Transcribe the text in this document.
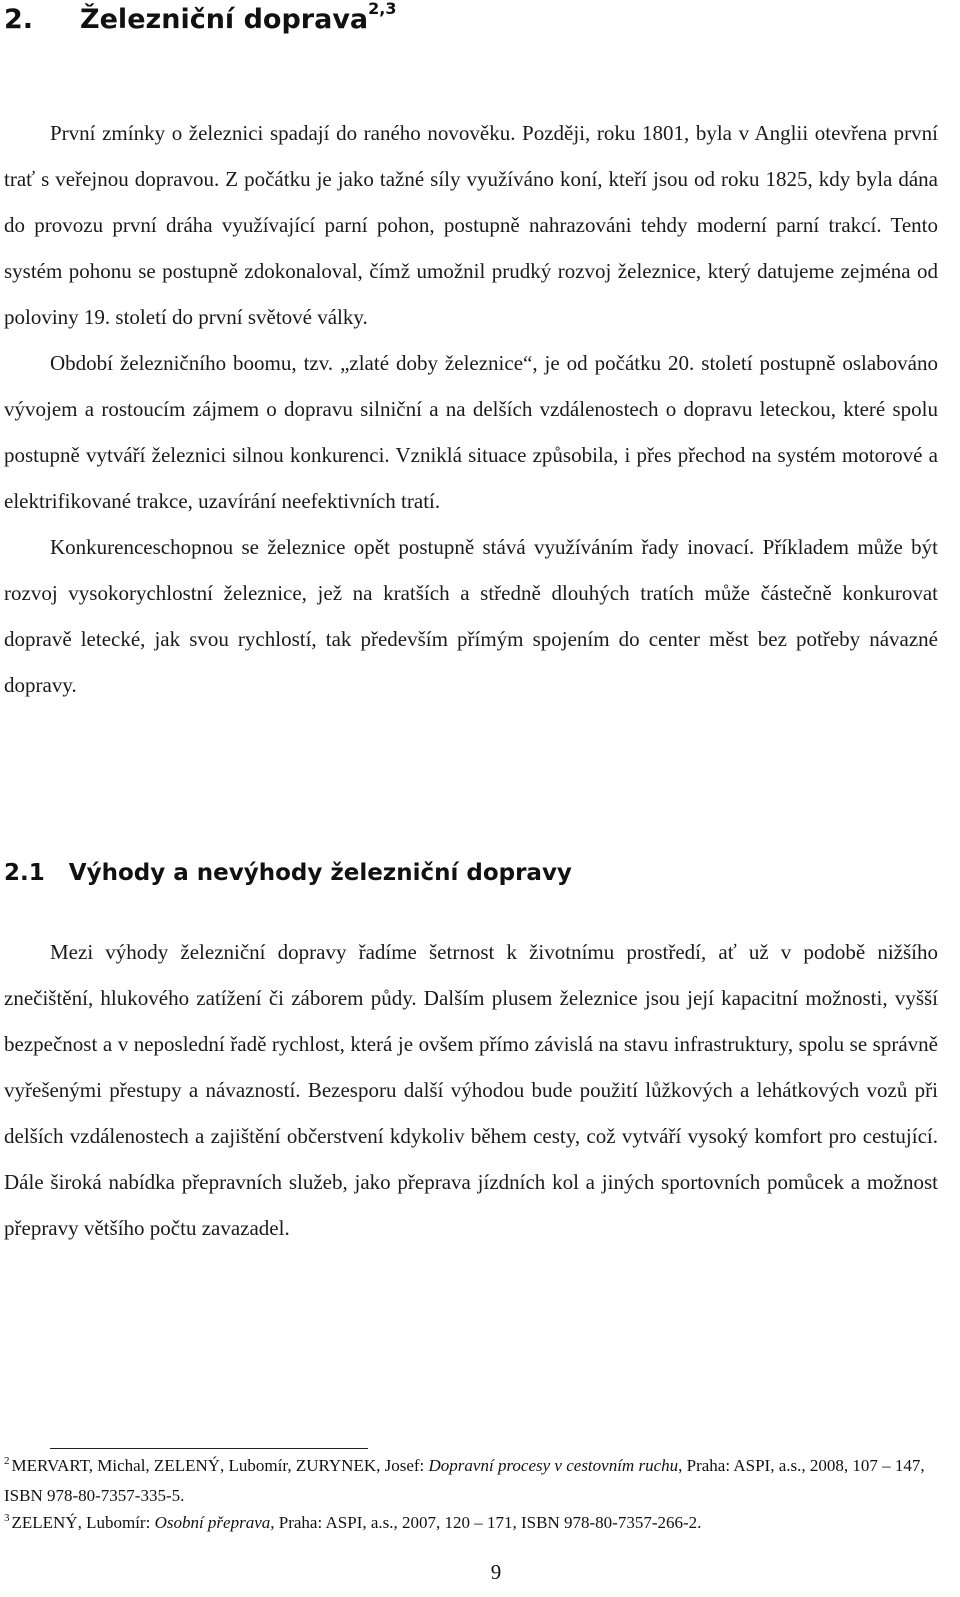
2. Železniční doprava$^{2,3}$

První zmínky o železnici spadají do raného novověku. Později, roku 1801, byla v Anglii otevřena první trať s veřejnou dopravou. Z počátku je jako tažné síly využíváno koní, kteří jsou od roku 1825, kdy byla dána do provozu první dráha využívající parní pohon, postupně nahrazováni tehdy moderní parní trakcí. Tento systém pohonu se postupně zdokonaloval, čímž umožnil prudký rozvoj železnice, který datujeme zejména od poloviny 19. století do první světové války.

Období železničního boomu, tzv. „zlaté doby železnice“, je od počátku 20. století postupně oslabováno vývojem a rostoucím zájmem o dopravu silniční a na delších vzdálenostech o dopravu leteckou, které spolu postupně vytváří železnici silnou konkurenci. Vzniklá situace způsobila, i přes přechod na systém motorové a elektrifikované trakce, uzavírání neefektivních tratí.

Konkurenceschopnou se železnice opět postupně stává využíváním řady inovací. Příkladem může být rozvoj vysokorychlostní železnice, jež na kratších a středně dlouhých tratích může částečně konkurovat dopravě letecké, jak svou rychlostí, tak především přímým spojením do center měst bez potřeby návazné dopravy.

2.1 Výhody a nevýhody železniční dopravy

Mezi výhody železniční dopravy řadíme šetrnost k životnímu prostředí, ať už v podobě nižšího znečištění, hlukového zatížení či záborem půdy. Dalším plusem železnice jsou její kapacitní možnosti, vyšší bezpečnost a v neposlední řadě rychlost, která je ovšem přímo závislá na stavu infrastruktury, spolu se správně vyřešenými přestupy a návazností. Bezesporu další výhodou bude použití lůžkových a lehátkových vozů při delších vzdálenostech a zajištění občerstvení kdykoliv během cesty, což vytváří vysoký komfort pro cestující. Dále široká nabídka přepravních služeb, jako přeprava jízdních kol a jiných sportovních pomůcek a možnost přepravy většího počtu zavazadel.

$^2$ MERVART, Michal, ZELENÝ, Lubomír, ZURYNEK, Josef: Dopravní procesy v cestovním ruchu, Praha: ASPI, a.s., 2008, 107 – 147, ISBN 978-80-7357-335-5.

$^3$ ZELENÝ, Lubomír: Osobní přeprava, Praha: ASPI, a.s., 2007, 120 – 171, ISBN 978-80-7357-266-2.

9
